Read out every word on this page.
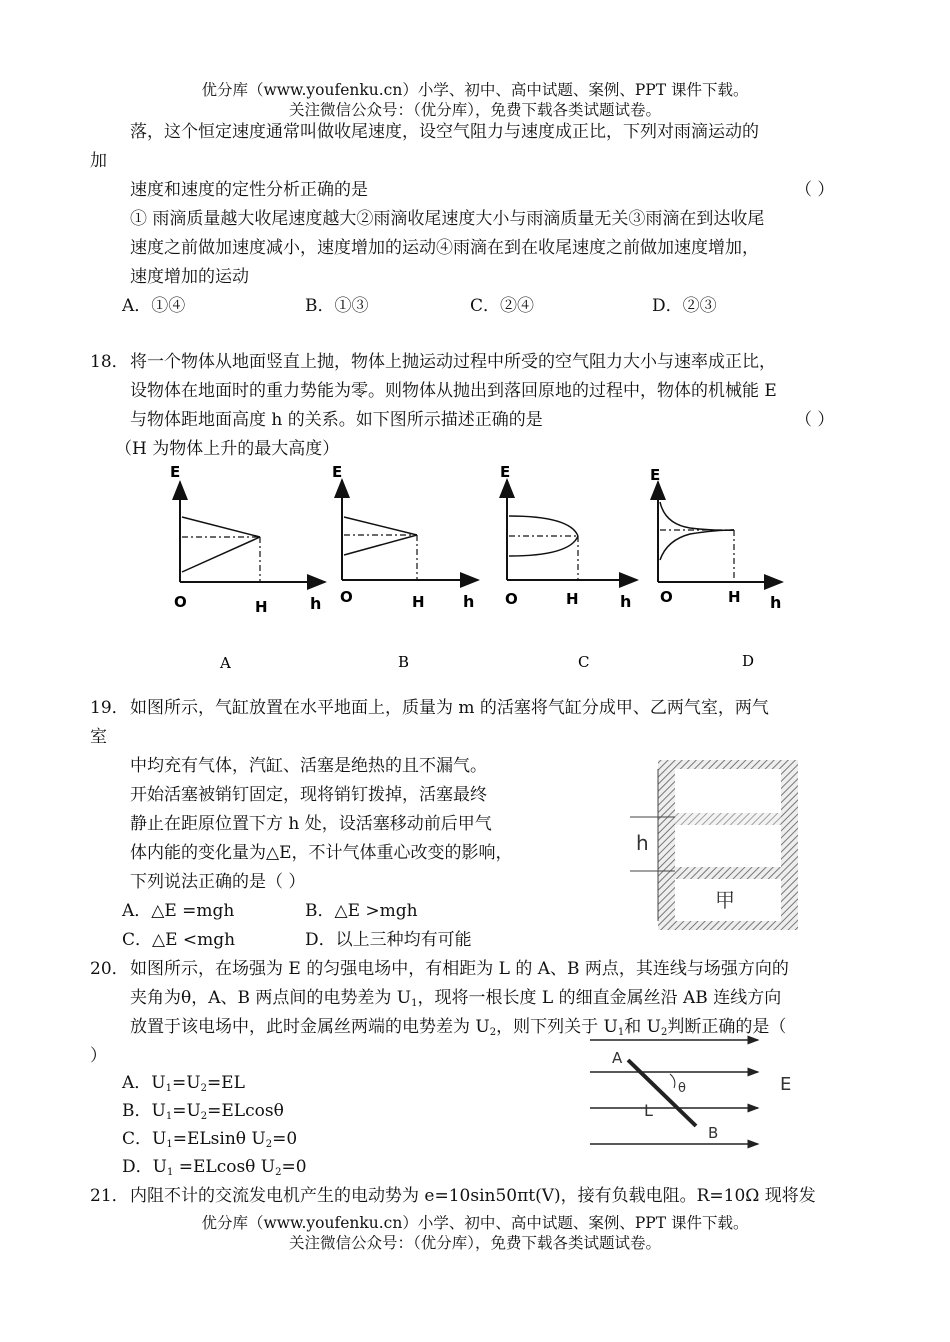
优分库（www.youfenku.cn）小学、初中、高中试题、案例、PPT 课件下载。
关注微信公众号：（优分库），免费下载各类试题试卷。
落，这个恒定速度通常叫做收尾速度，设空气阻力与速度成正比，下列对雨滴运动的
加
速度和速度的定性分析正确的是	（ ）
① 雨滴质量越大收尾速度越大②雨滴收尾速度大小与雨滴质量无关③雨滴在到达收尾
速度之前做加速度减小，速度增加的运动④雨滴在到在收尾速度之前做加速度增加，
速度增加的运动
A．①④	B．①③	C．②④	D．②③
18． 将一个物体从地面竖直上抛，物体上抛运动过程中所受的空气阻力大小与速率成正比，
设物体在地面时的重力势能为零。则物体从抛出到落回原地的过程中，物体的机械能 E
与物体距地面高度 h 的关系。如下图所示描述正确的是	（ ）
（H 为物体上升的最大高度）
E
O	H	h
A
E
O	H h
B
E
O	H	h
C
E
O	H h
D
19． 如图所示，气缸放置在水平地面上，质量为 m 的活塞将气缸分成甲、乙两气室，两气
室
中均充有气体，汽缸、活塞是绝热的且不漏气。
开始活塞被销钉固定，现将销钉拨掉，活塞最终
静止在距原位置下方 h 处，设活塞移动前后甲气
体内能的变化量为△E，不计气体重心改变的影响，
下列说法正确的是（ ）
A．△E =mgh	B．△E >mgh
C．△E <mgh	D．以上三种均有可能
h
甲
20． 如图所示，在场强为 E 的匀强电场中，有相距为 L 的 A、B 两点，其连线与场强方向的
夹角为θ，A、B 两点间的电势差为 $U_1$，现将一根长度 L 的细直金属丝沿 AB 连线方向
放置于该电场中，此时金属丝两端的电势差为 $U_2$，则下列关于 $U_1$和 $U_2$判断正确的是（
）
A．$U_1=U_2=EL$
B．$U_1=U_2=ELcos\theta$
C．$U_1=ELsin\theta$ $U_2=0$
D．$U_1 =ELcos\theta$ $U_2=0$
A
B
L
θ	E
21． 内阻不计的交流发电机产生的电动势为 e=10sin50πt(V)，接有负载电阻。R=10Ω 现将发
优分库（www.youfenku.cn）小学、初中、高中试题、案例、PPT 课件下载。
关注微信公众号：（优分库），免费下载各类试题试卷。
